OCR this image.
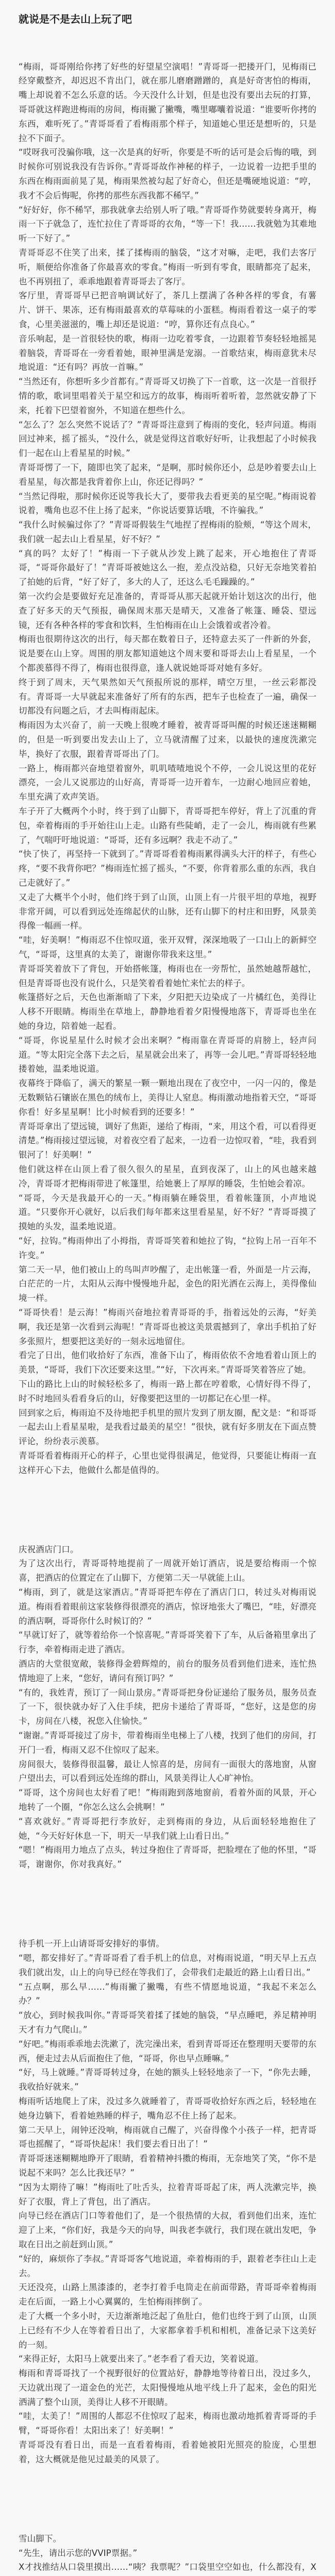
就说是不是去山上玩了吧

“梅雨，哥哥刚给你拷了好些的好望星空演唱！”青哥哥一把搂开门，见梅雨已经穿戴整齐，却迟迟不肯出门，就在那儿磨磨蹭蹭的，真是好奇害怕的梅雨，嘴上却说着不怎么乐意的话。今天没什么计划，但是也没有要出去玩的打算，哥哥就这样跑进梅雨的房间，梅雨撇了撇嘴，嘴里嘟囔着说道：“谁要听你拷的东西，难听死了。”青哥哥看了看梅雨那个样子，知道她心里还是想听的，只是拉不下面子。

“哎呀我可没骗你哦，这一次是真的好听，你要是不听的话可是会后悔的哦，到时候你可别说我没有告诉你。”青哥哥故作神秘的样子，一边说着一边把手里的东西在梅雨面前晃了晃，梅雨果然被勾起了好奇心，但还是嘴硬地说道：“哼，我才不会后悔呢，你拷的那些东西我都不稀罕。”

“好好好，你不稀罕，那我就拿去给别人听了哦。”青哥哥作势就要转身离开，梅雨一下子就急了，连忙拉住了青哥哥的衣角，“等一下！我……我就勉为其难地听一下好了。”

青哥哥忍不住笑了出来，揉了揉梅雨的脑袋，“这才对嘛，走吧，我们去客厅听，顺便给你准备了你最喜欢的零食。”梅雨一听到有零食，眼睛都亮了起来，也不再别扭了，乖乖地跟着青哥哥去了客厅。

客厅里，青哥哥早已把音响调试好了，茶几上摆满了各种各样的零食，有薯片、饼干、果冻，还有梅雨最喜欢的草莓味的小蛋糕。梅雨看着这一桌子的零食，心里美滋滋的，嘴上却还是说道：“哼，算你还有点良心。”

音乐响起，是一首很轻快的歌，梅雨一边吃着零食，一边跟着节奏轻轻地摇晃着脑袋，青哥哥在一旁看着她，眼神里满是宠溺。一首歌结束，梅雨意犹未尽地说道：“还有吗？再放一首嘛。”

“当然还有，你想听多少首都有。”青哥哥又切换了下一首歌，这一次是一首很抒情的歌，歌词里唱着关于星空和远方的故事，梅雨听着听着，忽然就安静了下来，托着下巴望着窗外，不知道在想些什么。

“怎么了？怎么突然不说话了？”青哥哥注意到了梅雨的变化，轻声问道。梅雨回过神来，摇了摇头，“没什么，就是觉得这首歌好好听，让我想起了小时候我们一起在山上看星星的时候。”

青哥哥愣了一下，随即也笑了起来，“是啊，那时候你还小，总是吵着要去山上看星星，每次都是我背着你上山，你还记得吗？”

“当然记得啦，那时候你还说等我长大了，要带我去看更美的星空呢。”梅雨说着说着，嘴角也忍不住上扬了起来，“你说话要算话哦，不许骗我。”

“我什么时候骗过你了？”青哥哥假装生气地捏了捏梅雨的脸颊，“等这个周末，我们就一起去山上看星星，好不好？”

“真的吗？太好了！”梅雨一下子就从沙发上跳了起来，开心地抱住了青哥哥，“哥哥你最好了！”青哥哥被她这么一抱，差点没站稳，只好无奈地笑着拍了拍她的后背，“好了好了，多大的人了，还这么毛毛躁躁的。”

第一次约会是要做好充足准备的，青哥哥从那天起就开始计划这次的出行，他查了好多天的天气预报，确保周末那天是晴天，又准备了帐篷、睡袋、望远镜，还有各种各样的零食和饮料，生怕梅雨在山上会饿着或者冷着。

梅雨也很期待这次的出行，每天都在数着日子，还特意去买了一件新的外套，说是要在山上穿。周围的朋友都知道她这个周末要和哥哥去山上看星星，一个个都羡慕得不得了，梅雨也很得意，逢人就说她哥哥对她有多好。

终于到了周末，天气果然如天气预报所说的那样，晴空万里，一丝云彩都没有。青哥哥一大早就起来准备好了所有的东西，把车子也检查了一遍，确保一切都没有问题之后，才去叫梅雨起床。

梅雨因为太兴奋了，前一天晚上很晚才睡着，被青哥哥叫醒的时候还迷迷糊糊的，但是一听到要出发去山上了，立马就清醒了过来，以最快的速度洗漱完毕，换好了衣服，跟着青哥哥出了门。

一路上，梅雨都兴奋地望着窗外，叽叽喳喳地说个不停，一会儿说这里的花好漂亮，一会儿又说那边的山好高，青哥哥一边开着车，一边耐心地回应着她，车里充满了欢声笑语。

车子开了大概两个小时，终于到了山脚下，青哥哥把车停好，背上了沉重的背包，牵着梅雨的手开始往山上走。山路有些陡峭，走了一会儿，梅雨就有些累了，气喘吁吁地说道：“哥哥，还有多远啊？我走不动了。”

“快了快了，再坚持一下就到了。”青哥哥看着梅雨累得满头大汗的样子，有些心疼，“要不我背你吧？”梅雨连忙摇了摇头，“不要，你背着那么重的东西，我自己走就好了。”

又走了大概半个小时，他们终于到了山顶，山顶上有一片很平坦的草地，视野非常开阔，可以看到远处连绵起伏的山脉，还有山脚下的村庄和田野，风景美得像一幅画一样。

“哇，好美啊！”梅雨忍不住惊叹道，张开双臂，深深地吸了一口山上的新鲜空气，“哥哥，这里真的太美了，谢谢你带我来这里。”

青哥哥笑着放下了背包，开始搭帐篷，梅雨也在一旁帮忙，虽然她越帮越忙，但是青哥哥也没有说什么，只是笑着看着她忙来忙去的样子。

帐篷搭好之后，天色也渐渐暗了下来，夕阳把天边染成了一片橘红色，美得让人移不开眼睛。梅雨坐在草地上，静静地看着夕阳慢慢地落下，青哥哥也坐在她的身边，陪着她一起看。

“哥哥，你说星星什么时候才会出来啊？”梅雨靠在青哥哥的肩膀上，轻声问道。“等太阳完全落下去之后，星星就会出来了，再等一会儿吧。”青哥哥轻轻地搂着她，温柔地说道。

夜幕终于降临了，满天的繁星一颗一颗地出现在了夜空中，一闪一闪的，像是无数颗钻石镶嵌在黑色的绒布上，美得让人窒息。梅雨激动地指着天空，“哥哥你看！好多星星啊！比小时候看到的还要多！”

青哥哥拿出了望远镜，调好了焦距，递给了梅雨，“来，用这个看，可以看得更清楚。”梅雨接过望远镜，对着夜空看了起来，一边看一边惊叹着，“哇，我看到银河了！好美啊！”

他们就这样在山顶上看了很久很久的星星，直到夜深了，山上的风也越来越冷，青哥哥才把梅雨带进了帐篷里，给她裹上了厚厚的睡袋，生怕她会着凉。

“哥哥，今天是我最开心的一天。”梅雨躺在睡袋里，看着帐篷顶，小声地说道。“只要你开心就好，以后我们每年都来这里看星星，好不好？”青哥哥摸了摸她的头发，温柔地说道。

“好，拉钩。”梅雨伸出了小拇指，青哥哥笑着和她拉了钩，“拉钩上吊一百年不许变。”

第二天一早，他们被山上的鸟叫声吵醒了，走出帐篷一看，外面是一片云海，白茫茫的一片，太阳从云海中慢慢地升起，金色的阳光洒在云海上，美得像仙境一样。

“哥哥快看！是云海！”梅雨兴奋地拉着青哥哥的手，指着远处的云海，“好美啊，我还是第一次看到云海呢！”青哥哥也被这美景震撼到了，拿出手机拍了好多张照片，想要把这美好的一刻永远地留住。

看完了日出，他们收拾好了东西，准备下山了，梅雨依依不舍地看着山顶上的美景，“哥哥，我们下次还要来这里。”“好，下次再来。”青哥哥笑着答应了她。

下山的路比上山的时候轻松多了，梅雨一路上都在哼着歌，心情好得不得了，时不时地回头看看身后的山，好像要把这里的一切都记在心里一样。

回到家之后，梅雨迫不及待地把手机里的照片发到了朋友圈，配文是：“和哥哥一起去山上看星星啦，是我看过最美的星空！”很快，就有好多朋友在下面点赞评论，纷纷表示羡慕。

青哥哥看着梅雨开心的样子，心里也觉得很满足，他觉得，只要能让梅雨一直这样开心下去，他做什么都是值得的。

庆祝酒店门口。

为了这次出行，青哥哥特地提前了一周就开始订酒店，说是要给梅雨一个惊喜，把酒店的位置定在了山脚下，方便第二天一早就能上山。

“梅雨，到了，就是这家酒店。”青哥哥把车停在了酒店门口，转过头对梅雨说道。梅雨看着眼前这家装修得很漂亮的酒店，惊讶地张大了嘴巴，“哇，好漂亮的酒店啊，哥哥你什么时候订的？”

“早就订好了，就等着给你一个惊喜呢。”青哥哥笑着下了车，从后备箱里拿出了行李，牵着梅雨走进了酒店。

酒店的大堂很宽敞，装修得金碧辉煌的，前台的服务员看到他们进来，连忙热情地迎了上来，“您好，请问有预订吗？”

“有的，我姓青，预订了一间山景房。”青哥哥把身份证递给了服务员，服务员查了一下，很快就办好了入住手续，把房卡递给了青哥哥，“您好，这是您的房卡，房间在八楼，祝您入住愉快。”

“谢谢。”青哥哥接过了房卡，带着梅雨坐电梯上了八楼，找到了他们的房间，打开门一看，梅雨又忍不住惊叹了起来。

房间很大，装修得很温馨，最让人惊喜的是，房间有一面很大的落地窗，从窗户望出去，可以看到远处连绵的群山，风景美得让人心旷神怡。

“哥哥，这个房间也太好看了吧！”梅雨跑到落地窗前，看着外面的风景，开心地转了一个圈，“你怎么这么会挑啊！”

“喜欢就好。”青哥哥把行李放好，走到梅雨的身边，从后面轻轻地抱住了她，“今天好好休息一下，明天一早我们就上山看日出。”

“嗯！”梅雨用力地点了点头，转过身抱住了青哥哥，把脸埋在了他的怀里，“哥哥，谢谢你，你对我真好。”

待手机一开上山请哥哥安排好的事情。

“嗯，都安排好了。”青哥哥看了看手机上的信息，对梅雨说道，“明天早上五点我们就出发，山上的向导已经在等我们了，会带我们走最近的路上山看日出。”

“五点啊，那么早……”梅雨撇了撇嘴，有些不情愿地说道，“我起不来怎么办？”

“放心，到时候我叫你。”青哥哥笑着揉了揉她的脑袋，“早点睡吧，养足精神明天才有力气爬山。”

“好吧。”梅雨乖乖地去洗漱了，洗完澡出来，看到青哥哥还在整理明天要带的东西，便走过去从后面抱住了他，“哥哥，你也早点睡嘛。”

“好，马上就睡。”青哥哥转过身，在她的额头上轻轻地亲了一下，“你先去睡，我收拾好就来。”

梅雨听话地爬上了床，没过多久就睡着了，青哥哥收拾好东西之后，轻轻地在她身边躺下，看着她熟睡的样子，嘴角忍不住上扬了起来。

第二天早上，闹钟还没响，梅雨就自己醒了，兴奋得像个小孩子一样，把青哥哥也摇醒了，“哥哥快起床！我们要去看日出了！”

青哥哥迷迷糊糊地睁开了眼睛，看着精神抖擞的梅雨，无奈地笑了笑，“你不是说起不来吗？怎么比我还早？”

“因为太期待了嘛！”梅雨吐了吐舌头，拉着青哥哥起了床，两人洗漱完毕，换好了衣服，背上了背包，出了酒店。

向导已经在酒店门口等着他们了，是一个很热情的大叔，看到他们出来，连忙迎了上来，“你们好，我是今天的向导，叫我老李就行，我们现在就出发吧，争取在日出之前赶到山顶。”

“好的，麻烦你了李叔。”青哥哥客气地说道，牵着梅雨的手，跟着老李往山上走去。

天还没亮，山路上黑漆漆的，老李打着手电筒走在前面带路，青哥哥牵着梅雨走在后面，一路上小心翼翼的，生怕梅雨摔倒了。

走了大概一个多小时，天边渐渐地泛起了鱼肚白，他们也终于到了山顶，山顶上已经有不少人在等着看日出了，大家都拿着手机和相机，准备记录下这美好的一刻。

“来得正好，太阳马上就要出来了。”老李看了看天边，笑着说道。

梅雨和青哥哥找了一个视野很好的位置站好，静静地等待着日出，没过多久，天边就出现了一道金色的光芒，太阳慢慢地从地平线上升了起来，金色的阳光洒满了整个山顶，美得让人移不开眼睛。

“哇，太美了！”周围的人都忍不住惊叹了起来，梅雨也激动地抓着青哥哥的手臂，“哥哥你看！太阳出来了！好美啊！”

青哥哥没有看日出，而是一直看着梅雨，看着她被阳光照亮的脸庞，心里想着，这大概就是他见过最美的风景了。

雪山脚下。

“先生，请出示您的VVIP票据。”

X才找推结从口袋里摸出……“咦？我票呢？”口袋里空空如也，什么都没有，X
